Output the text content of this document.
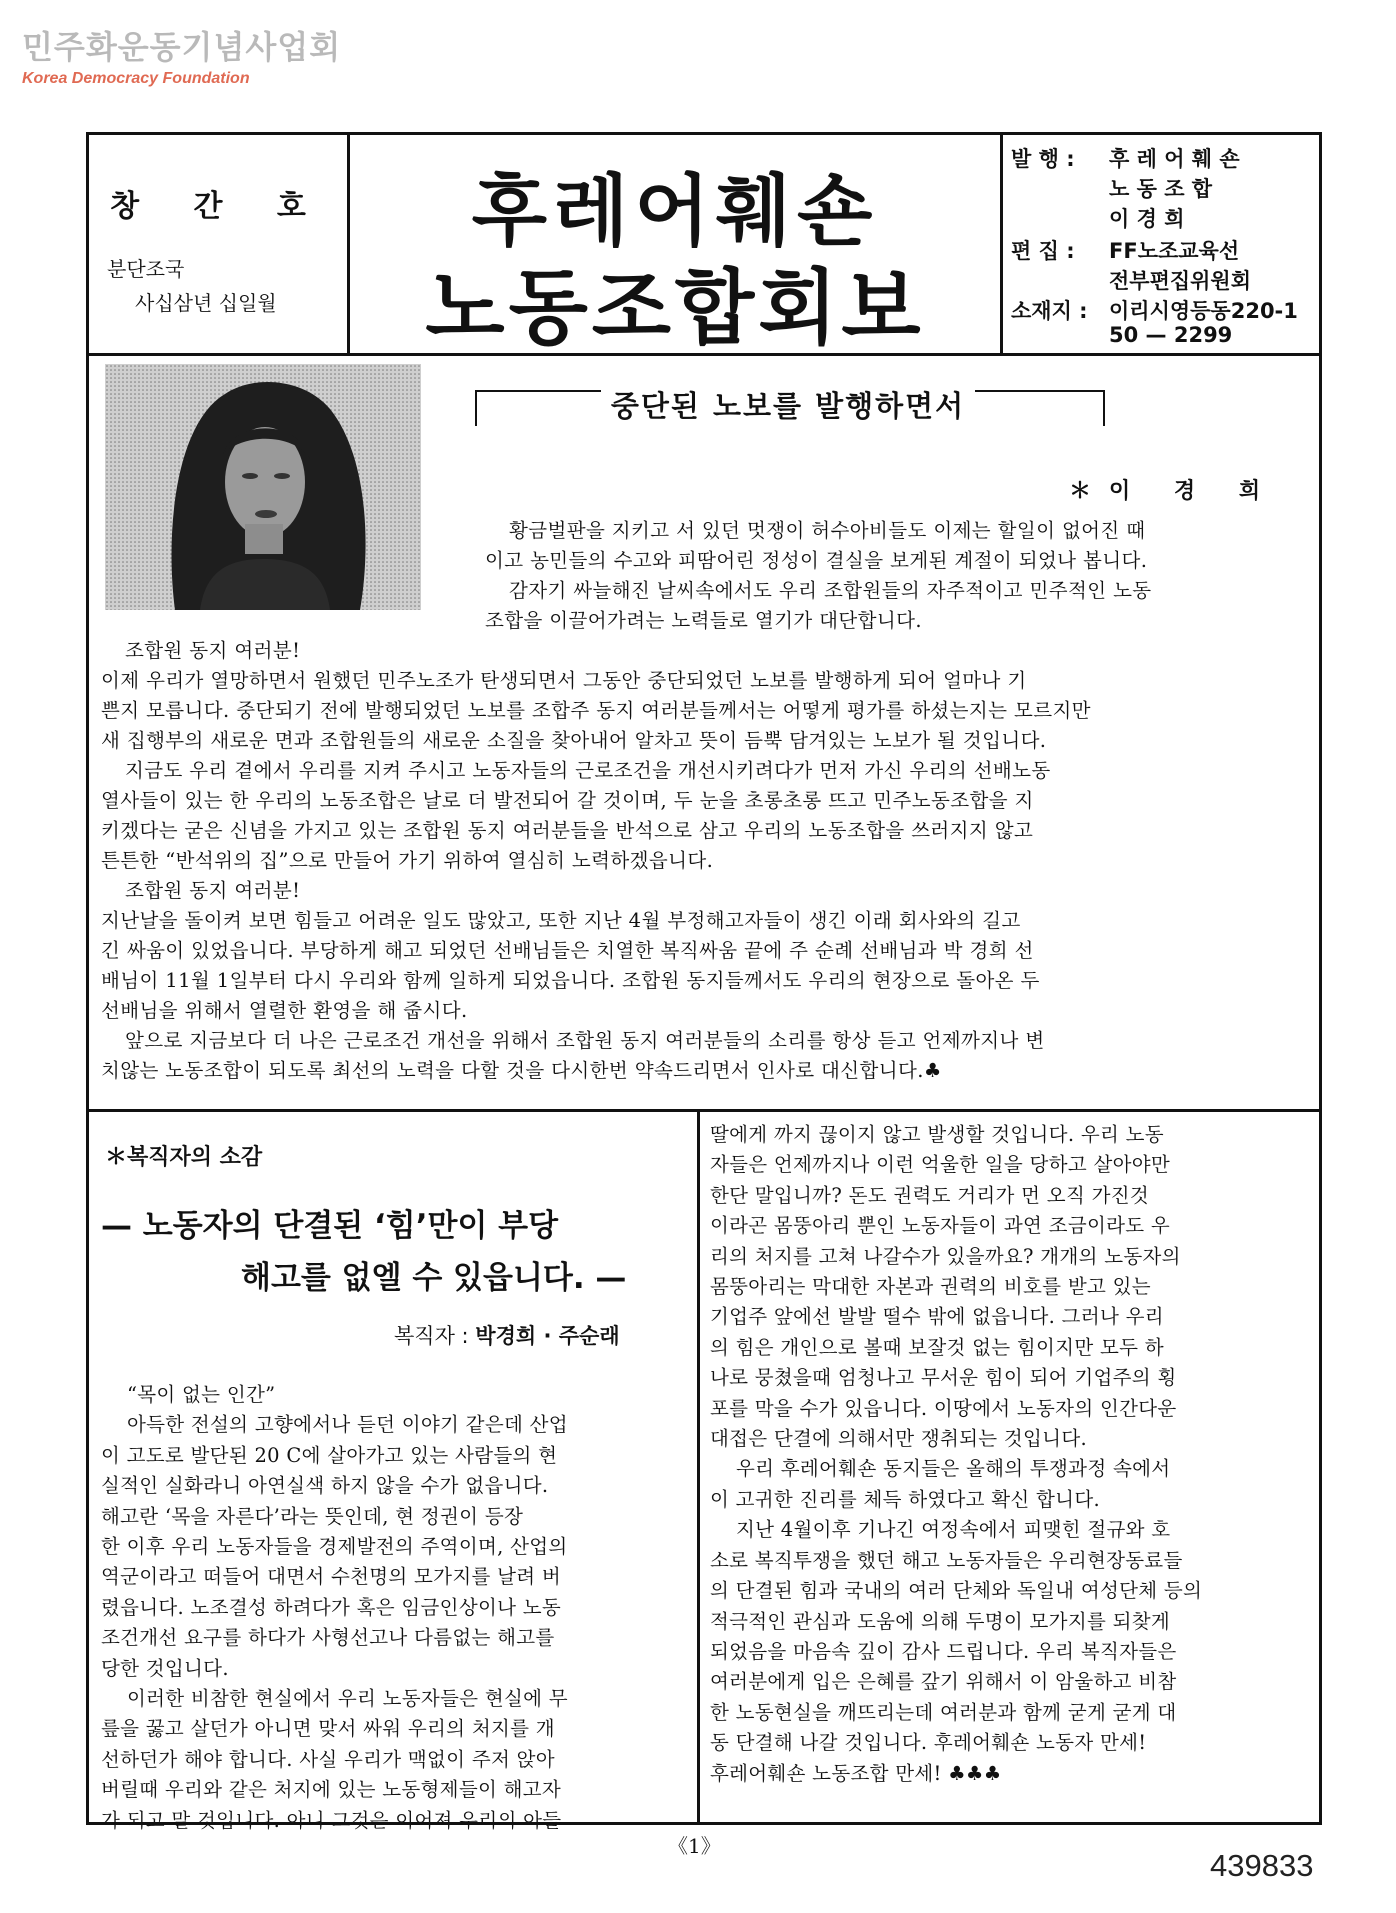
민주화운동기념사업회
Korea Democracy Foundation
창 간 호
분단조국
사십삼년 십일월
후레어훼숀
노동조합회보
발 행 : 후 레 어 훼 숀
노 동 조 합
이 경 희
편 집 : FF노조교육선
전부편집위원회
소재지 : 이리시영등동220-1
50 — 2299
중단된 노보를 발행하면서
＊이 경 희
황금벌판을 지키고 서 있던 멋쟁이 허수아비들도 이제는 할일이 없어진 때
이고 농민들의 수고와 피땀어린 정성이 결실을 보게된 계절이 되었나 봅니다.
감자기 싸늘해진 날씨속에서도 우리 조합원들의 자주적이고 민주적인 노동
조합을 이끌어가려는 노력들로 열기가 대단합니다.
조합원 동지 여러분!
이제 우리가 열망하면서 원했던 민주노조가 탄생되면서 그동안 중단되었던 노보를 발행하게 되어 얼마나 기
쁜지 모릅니다. 중단되기 전에 발행되었던 노보를 조합주 동지 여러분들께서는 어떻게 평가를 하셨는지는 모르지만
새 집행부의 새로운 면과 조합원들의 새로운 소질을 찾아내어 알차고 뜻이 듬뿍 담겨있는 노보가 될 것입니다.
지금도 우리 곁에서 우리를 지켜 주시고 노동자들의 근로조건을 개선시키려다가 먼저 가신 우리의 선배노동
열사들이 있는 한 우리의 노동조합은 날로 더 발전되어 갈 것이며, 두 눈을 초롱초롱 뜨고 민주노동조합을 지
키겠다는 굳은 신념을 가지고 있는 조합원 동지 여러분들을 반석으로 삼고 우리의 노동조합을 쓰러지지 않고
튼튼한 “반석위의 집”으로 만들어 가기 위하여 열심히 노력하겠읍니다.
조합원 동지 여러분!
지난날을 돌이켜 보면 힘들고 어려운 일도 많았고, 또한 지난 4월 부정해고자들이 생긴 이래 회사와의 길고
긴 싸움이 있었읍니다. 부당하게 해고 되었던 선배님들은 치열한 복직싸움 끝에 주 순례 선배님과 박 경희 선
배님이 11월 1일부터 다시 우리와 함께 일하게 되었읍니다. 조합원 동지들께서도 우리의 현장으로 돌아온 두
선배님을 위해서 열렬한 환영을 해 줍시다.
앞으로 지금보다 더 나은 근로조건 개선을 위해서 조합원 동지 여러분들의 소리를 항상 듣고 언제까지나 변
치않는 노동조합이 되도록 최선의 노력을 다할 것을 다시한번 약속드리면서 인사로 대신합니다.♣
＊복직자의 소감
— 노동자의 단결된 ‘힘’만이 부당
해고를 없엘 수 있읍니다. —
복직자 : 박경희 · 주순래
“목이 없는 인간”
아득한 전설의 고향에서나 듣던 이야기 같은데 산업
이 고도로 발단된 20 C에 살아가고 있는 사람들의 현
실적인 실화라니 아연실색 하지 않을 수가 없읍니다.
해고란 ‘목을 자른다’라는 뜻인데, 현 정권이 등장
한 이후 우리 노동자들을 경제발전의 주역이며, 산업의
역군이라고 떠들어 대면서 수천명의 모가지를 날려 버
렸읍니다. 노조결성 하려다가 혹은 임금인상이나 노동
조건개선 요구를 하다가 사형선고나 다름없는 해고를
당한 것입니다.
이러한 비참한 현실에서 우리 노동자들은 현실에 무
릎을 꿇고 살던가 아니면 맞서 싸워 우리의 처지를 개
선하던가 해야 합니다. 사실 우리가 맥없이 주저 앉아
버릴때 우리와 같은 처지에 있는 노동형제들이 해고자
가 되고 말 것입니다. 아니 그것은 이어져 우리의 아들
딸에게 까지 끊이지 않고 발생할 것입니다. 우리 노동
자들은 언제까지나 이런 억울한 일을 당하고 살아야만
한단 말입니까? 돈도 권력도 거리가 먼 오직 가진것
이라곤 몸뚱아리 뿐인 노동자들이 과연 조금이라도 우
리의 처지를 고쳐 나갈수가 있을까요? 개개의 노동자의
몸뚱아리는 막대한 자본과 권력의 비호를 받고 있는
기업주 앞에선 발발 떨수 밖에 없읍니다. 그러나 우리
의 힘은 개인으로 볼때 보잘것 없는 힘이지만 모두 하
나로 뭉쳤을때 엄청나고 무서운 힘이 되어 기업주의 횡
포를 막을 수가 있읍니다. 이땅에서 노동자의 인간다운
대접은 단결에 의해서만 쟁취되는 것입니다.
우리 후레어훼숀 동지들은 올해의 투쟁과정 속에서
이 고귀한 진리를 체득 하였다고 확신 합니다.
지난 4월이후 기나긴 여정속에서 피맺힌 절규와 호
소로 복직투쟁을 했던 해고 노동자들은 우리현장동료들
의 단결된 힘과 국내의 여러 단체와 독일내 여성단체 등의
적극적인 관심과 도움에 의해 두명이 모가지를 되찾게
되었음을 마음속 깊이 감사 드립니다. 우리 복직자들은
여러분에게 입은 은혜를 갚기 위해서 이 암울하고 비참
한 노동현실을 깨뜨리는데 여러분과 함께 굳게 굳게 대
동 단결해 나갈 것입니다. 후레어훼숀 노동자 만세!
후레어훼숀 노동조합 만세! ♣♣♣
《1》
439833
